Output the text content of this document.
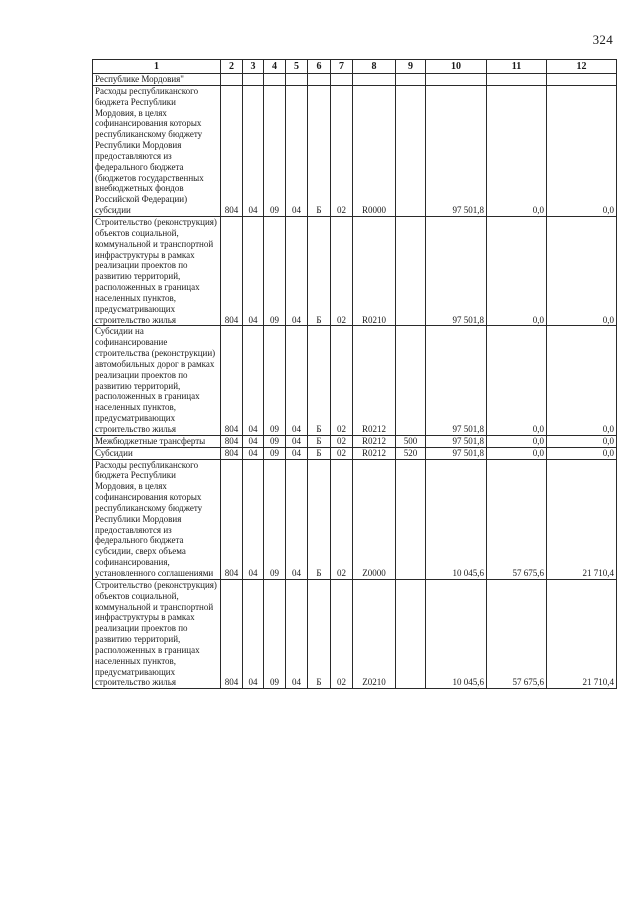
324
1	2	3	4	5	6	7	8	9	10	11	12

Республике Мордовия"											

Расходы республиканского бюджета Республики Мордовия, в целях софинансирования которых республиканскому бюджету Республики Мордовия предоставляются из федерального бюджета (бюджетов государственных внебюджетных фондов Российской Федерации) субсидии	804	04	09	04	Б	02	R0000		97 501,8	0,0	0,0

Строительство (реконструкция) объектов социальной, коммунальной и транспортной инфраструктуры в рамках реализации проектов по развитию территорий, расположенных в границах населенных пунктов, предусматривающих строительство жилья	804	04	09	04	Б	02	R0210		97 501,8	0,0	0,0

Субсидии на софинансирование строительства (реконструкции) автомобильных дорог в рамках реализации проектов по развитию территорий, расположенных в границах населенных пунктов, предусматривающих строительство жилья	804	04	09	04	Б	02	R0212		97 501,8	0,0	0,0

Межбюджетные трансферты	804	04	09	04	Б	02	R0212	500	97 501,8	0,0	0,0

Субсидии	804	04	09	04	Б	02	R0212	520	97 501,8	0,0	0,0

Расходы республиканского бюджета Республики Мордовия, в целях софинансирования которых республиканскому бюджету Республики Мордовия предоставляются из федерального бюджета субсидии, сверх объема софинансирования, установленного соглашениями	804	04	09	04	Б	02	Z0000		10 045,6	57 675,6	21 710,4

Строительство (реконструкция) объектов социальной, коммунальной и транспортной инфраструктуры в рамках реализации проектов по развитию территорий, расположенных в границах населенных пунктов, предусматривающих строительство жилья	804	04	09	04	Б	02	Z0210		10 045,6	57 675,6	21 710,4
